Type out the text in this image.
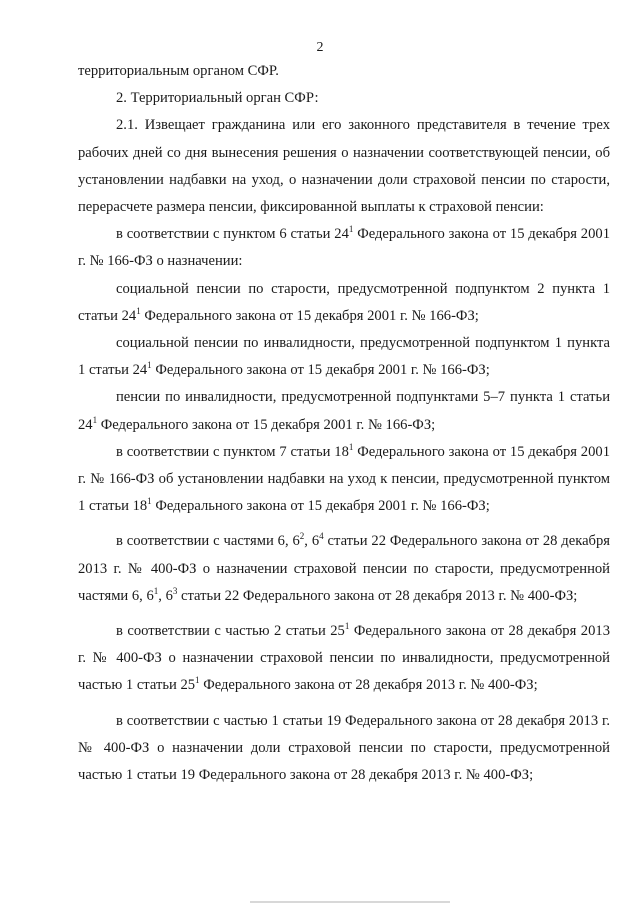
2

территориальным органом СФР.

2. Территориальный орган СФР:

2.1. Извещает гражданина или его законного представителя в течение трех рабочих дней со дня вынесения решения о назначении соответствующей пенсии, об установлении надбавки на уход, о назначении доли страховой пенсии по старости, перерасчете размера пенсии, фиксированной выплаты к страховой пенсии:

в соответствии с пунктом 6 статьи $24^1$ Федерального закона от 15 декабря 2001 г. № 166-ФЗ о назначении:

социальной пенсии по старости, предусмотренной подпунктом 2 пункта 1 статьи $24^1$ Федерального закона от 15 декабря 2001 г. № 166-ФЗ;

социальной пенсии по инвалидности, предусмотренной подпунктом 1 пункта 1 статьи $24^1$ Федерального закона от 15 декабря 2001 г. № 166-ФЗ;

пенсии по инвалидности, предусмотренной подпунктами 5–7 пункта 1 статьи $24^1$ Федерального закона от 15 декабря 2001 г. № 166-ФЗ;

в соответствии с пунктом 7 статьи $18^1$ Федерального закона от 15 декабря 2001 г. № 166-ФЗ об установлении надбавки на уход к пенсии, предусмотренной пунктом 1 статьи $18^1$ Федерального закона от 15 декабря 2001 г. № 166-ФЗ;

в соответствии с частями 6, $6^2$, $6^4$ статьи 22 Федерального закона от 28 декабря 2013 г. № 400-ФЗ о назначении страховой пенсии по старости, предусмотренной частями 6, $6^1$, $6^3$ статьи 22 Федерального закона от 28 декабря 2013 г. № 400-ФЗ;

в соответствии с частью 2 статьи $25^1$ Федерального закона от 28 декабря 2013 г. № 400-ФЗ о назначении страховой пенсии по инвалидности, предусмотренной частью 1 статьи $25^1$ Федерального закона от 28 декабря 2013 г. № 400-ФЗ;

в соответствии с частью 1 статьи 19 Федерального закона от 28 декабря 2013 г. № 400-ФЗ о назначении доли страховой пенсии по старости, предусмотренной частью 1 статьи 19 Федерального закона от 28 декабря 2013 г. № 400-ФЗ;
